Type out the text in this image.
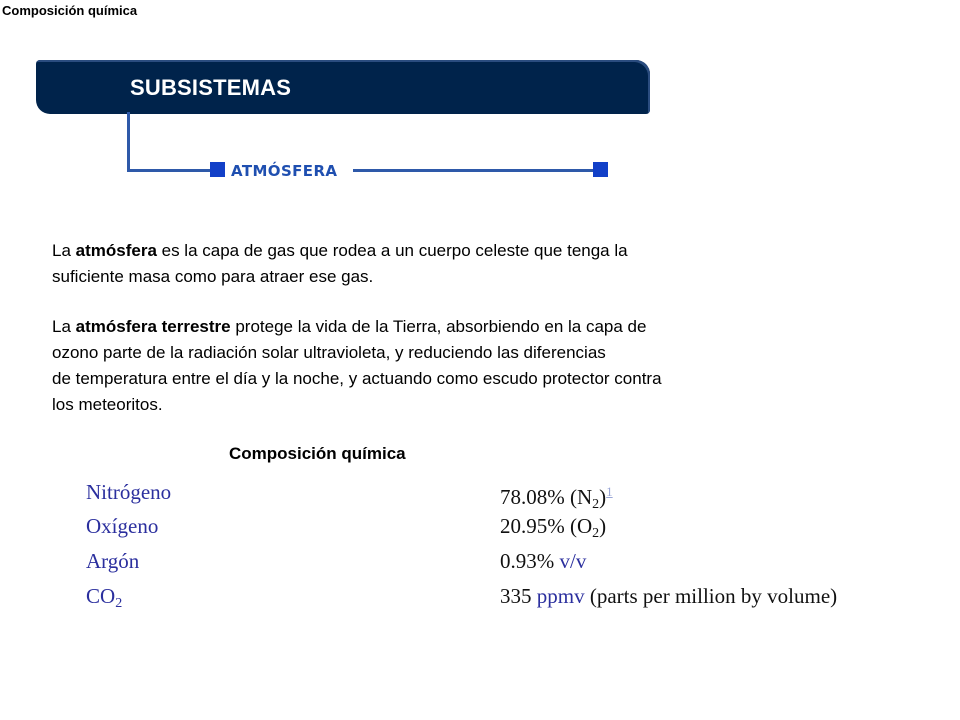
Composición química
SUBSISTEMAS
ATMÓSFERA

La atmósfera es la capa de gas que rodea a un cuerpo celeste que tenga la
suficiente masa como para atraer ese gas.

La atmósfera terrestre protege la vida de la Tierra, absorbiendo en la capa de
ozono parte de la radiación solar ultravioleta, y reduciendo las diferencias
de temperatura entre el día y la noche, y actuando como escudo protector contra
los meteoritos.

Composición química
Nitrógeno	78.08% $(N_2)^1$
Oxígeno	20.95% $(O_2)$
Argón	0.93% v/v
$CO_2$	335 ppmv (parts per million by volume)
